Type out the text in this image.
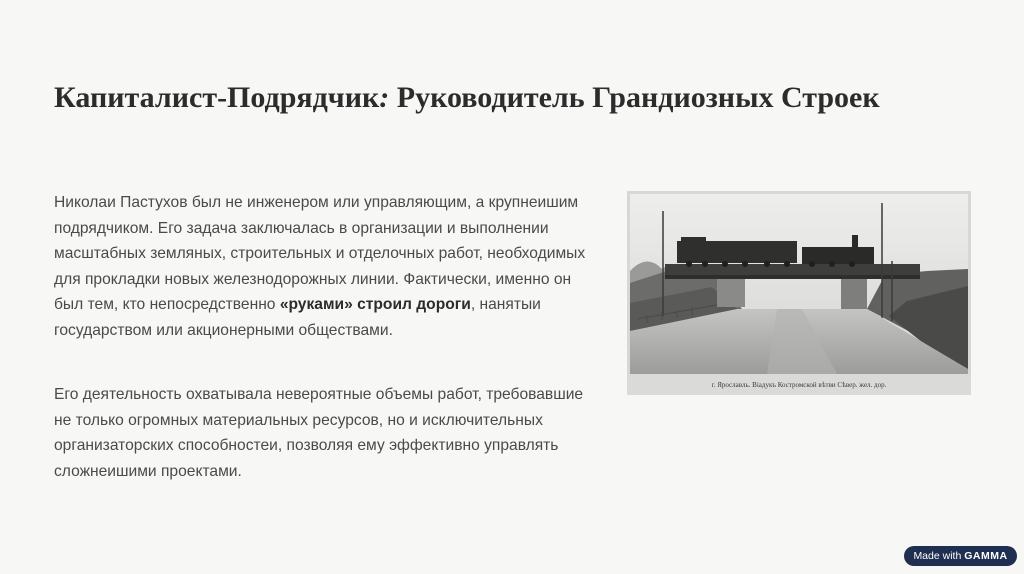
Капиталист-Подрядчик: Руководитель Грандиозных Строек

Николаи Пастухов был не инженером или управляющим, а крупнеишим подрядчиком. Его задача заключалась в организации и выполнении масштабных земляных, строительных и отделочных работ, необходимых для прокладки новых железнодорожных линии. Фактически, именно он был тем, кто непосредственно «руками» строил дороги, нанятыи государством или акционерными обществами.

Его деятельность охватывала невероятные объемы работ, требовавшие не только огромных материальных ресурсов, но и исключительных организаторских способностеи, позволяя ему эффективно управлять сложнеишими проектами.

г. Ярославль. Віадукъ Костромской вѣтви Сѣвер. жел. дор.
Made with GAMMA
